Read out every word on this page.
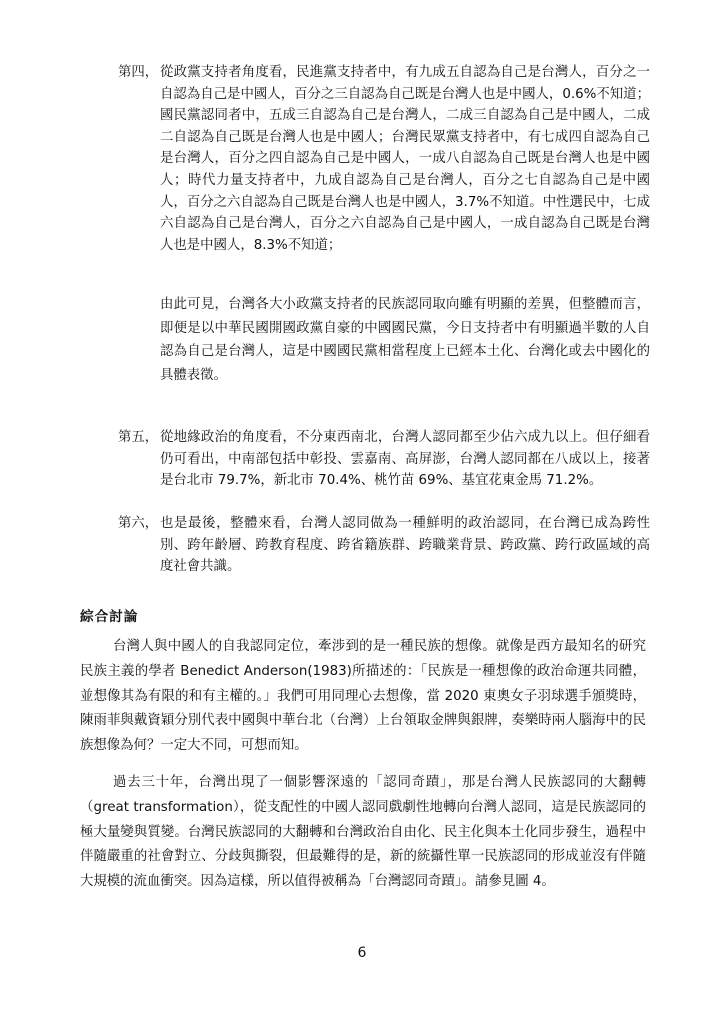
第四， 從政黨支持者角度看，民進黨支持者中，有九成五自認為自己是台灣人，百分之一自認為自己是中國人，百分之三自認為自己既是台灣人也是中國人，0.6%不知道；國民黨認同者中，五成三自認為自己是台灣人，二成三自認為自己是中國人，二成二自認為自己既是台灣人也是中國人；台灣民眾黨支持者中，有七成四自認為自己是台灣人，百分之四自認為自己是中國人，一成八自認為自己既是台灣人也是中國人；時代力量支持者中，九成自認為自己是台灣人，百分之七自認為自己是中國人，百分之六自認為自己既是台灣人也是中國人，3.7%不知道。中性選民中，七成六自認為自己是台灣人，百分之六自認為自己是中國人，一成自認為自己既是台灣人也是中國人，8.3%不知道；
由此可見，台灣各大小政黨支持者的民族認同取向雖有明顯的差異，但整體而言，即便是以中華民國開國政黨自豪的中國國民黨，今日支持者中有明顯過半數的人自認為自己是台灣人，這是中國國民黨相當程度上已經本土化、台灣化或去中國化的具體表徵。
第五， 從地緣政治的角度看，不分東西南北，台灣人認同都至少佔六成九以上。但仔細看仍可看出，中南部包括中彰投、雲嘉南、高屏澎，台灣人認同都在八成以上，接著是台北市 79.7%，新北市 70.4%、桃竹苗 69%、基宜花東金馬 71.2%。
第六， 也是最後，整體來看，台灣人認同做為一種鮮明的政治認同，在台灣已成為跨性別、跨年齡層、跨教育程度、跨省籍族群、跨職業背景、跨政黨、跨行政區域的高度社會共識。
綜合討論
台灣人與中國人的自我認同定位，牽涉到的是一種民族的想像。就像是西方最知名的研究民族主義的學者 Benedict Anderson(1983)所描述的：「民族是一種想像的政治命運共同體，並想像其為有限的和有主權的。」我們可用同理心去想像，當 2020 東奧女子羽球選手頒獎時，陳雨菲與戴資穎分別代表中國與中華台北（台灣）上台領取金牌與銀牌，奏樂時兩人腦海中的民族想像為何？一定大不同，可想而知。
過去三十年，台灣出現了一個影響深遠的「認同奇蹟」，那是台灣人民族認同的大翻轉（great transformation），從支配性的中國人認同戲劇性地轉向台灣人認同，這是民族認同的極大量變與質變。台灣民族認同的大翻轉和台灣政治自由化、民主化與本土化同步發生，過程中伴隨嚴重的社會對立、分歧與撕裂，但最難得的是，新的統攝性單一民族認同的形成並沒有伴隨大規模的流血衝突。因為這樣，所以值得被稱為「台灣認同奇蹟」。請參見圖 4。
6
